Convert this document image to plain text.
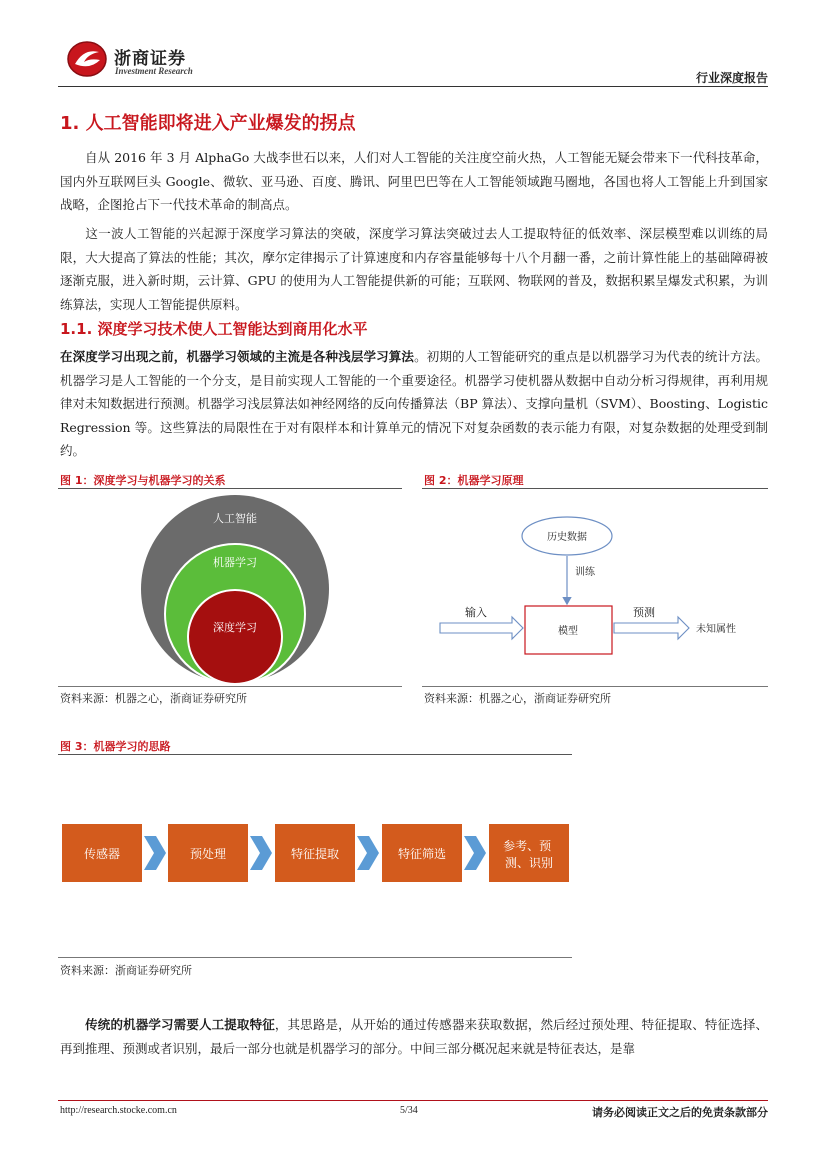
浙商证券
Investment Research	行业深度报告
1. 人工智能即将进入产业爆发的拐点

自从 2016 年 3 月 AlphaGo 大战李世石以来，人们对人工智能的关注度空前火热，人工智能无疑会带来下一代科技革命，国内外互联网巨头 Google、微软、亚马逊、百度、腾讯、阿里巴巴等在人工智能领域跑马圈地，各国也将人工智能上升到国家战略，企图抢占下一代技术革命的制高点。

这一波人工智能的兴起源于深度学习算法的突破，深度学习算法突破过去人工提取特征的低效率、深层模型难以训练的局限，大大提高了算法的性能；其次，摩尔定律揭示了计算速度和内存容量能够每十八个月翻一番，之前计算性能上的基础障碍被逐渐克服，进入新时期，云计算、GPU 的使用为人工智能提供新的可能；互联网、物联网的普及，数据积累呈爆发式积累，为训练算法，实现人工智能提供原料。

1.1. 深度学习技术使人工智能达到商用化水平

在深度学习出现之前，机器学习领域的主流是各种浅层学习算法。初期的人工智能研究的重点是以机器学习为代表的统计方法。机器学习是人工智能的一个分支，是目前实现人工智能的一个重要途径。机器学习使机器从数据中自动分析习得规律，再利用规律对未知数据进行预测。机器学习浅层算法如神经网络的反向传播算法（BP 算法）、支撑向量机（SVM）、Boosting、Logistic Regression 等。这些算法的局限性在于对有限样本和计算单元的情况下对复杂函数的表示能力有限，对复杂数据的处理受到制约。

图 1：深度学习与机器学习的关系
人工智能
机器学习
深度学习
资料来源：机器之心，浙商证券研究所
图 2：机器学习原理
历史数据
训练
模型
输入	预测
未知属性
资料来源：机器之心，浙商证券研究所
图 3：机器学习的思路
传感器	预处理	特征提取	特征筛选
参考、预 测、识别
资料来源：浙商证券研究所

传统的机器学习需要人工提取特征，其思路是，从开始的通过传感器来获取数据，然后经过预处理、特征提取、特征选择、再到推理、预测或者识别，最后一部分也就是机器学习的部分。中间三部分概况起来就是特征表达，是靠

http://research.stocke.com.cn	5/34	请务必阅读正文之后的免责条款部分
